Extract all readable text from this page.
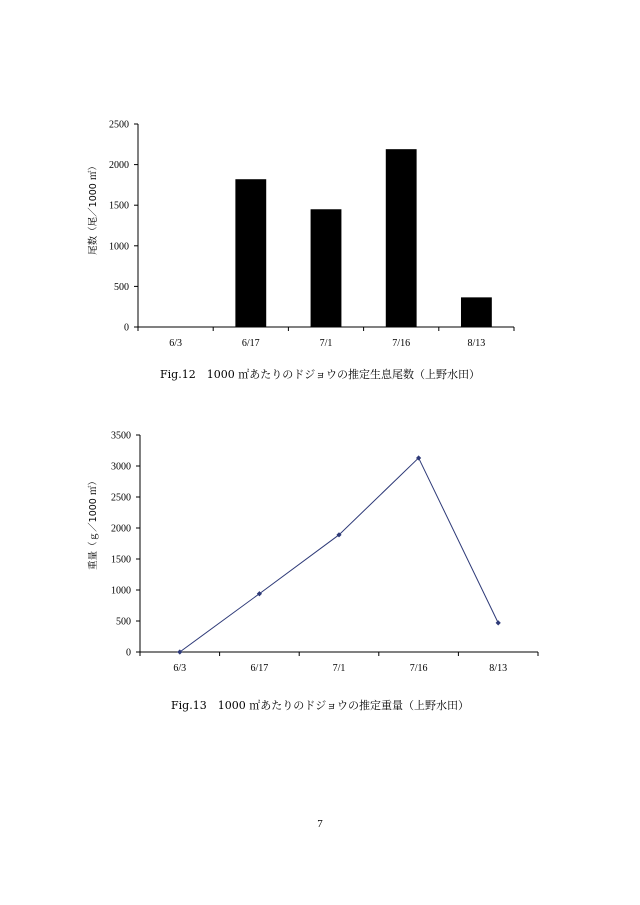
尾数（尾／1000 ㎡）
0
500
1000
1500
2000
2500
6/3	6/17	7/1	7/16	8/13
Fig.12　1000 ㎡あたりのドジョウの推定生息尾数（上野水田）
重量（ｇ／1000 ㎡）
0
500
1000
1500
2000
2500
3000
3500
6/3	6/17	7/1	7/16	8/13
Fig.13　1000 ㎡あたりのドジョウの推定重量（上野水田）
7
